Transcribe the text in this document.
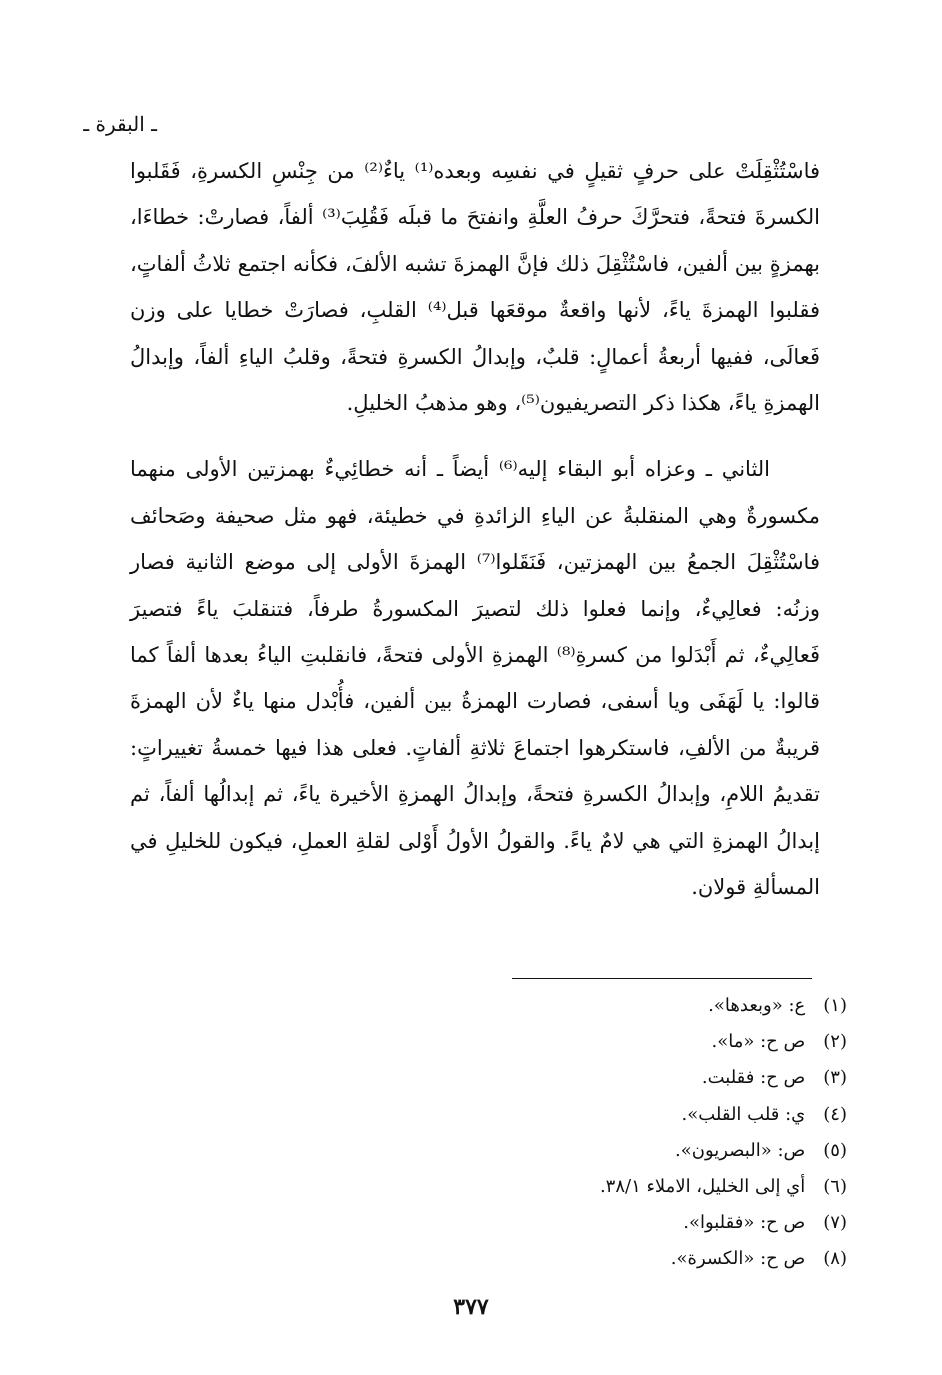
ـ البقرة ـ

فاسْتُثْقِلَتْ على حرفٍ ثقيلٍ في نفسِه وبعده⁽¹⁾ ياءٌ⁽²⁾ من جِنْسِ الكسرةِ، فَقَلبوا الكسرةَ فتحةً، فتحرَّكَ حرفُ العلَّةِ وانفتحَ ما قبلَه فَقُلِبَ⁽³⁾ ألفاً، فصارتْ: خطاءَا، بهمزةٍ بين ألفين، فاسْتُثْقِلَ ذلك فإنَّ الهمزةَ تشبه الألفَ، فكأنه اجتمع ثلاثُ ألفاتٍ، فقلبوا الهمزةَ ياءً، لأنها واقعةٌ موقعَها قبل⁽⁴⁾ القلبِ، فصارَتْ خطايا على وزن فَعالَى، ففيها أربعةُ أعمالٍ: قلبٌ، وإبدالُ الكسرةِ فتحةً، وقلبُ الياءِ ألفاً، وإبدالُ الهمزةِ ياءً، هكذا ذكر التصريفيون⁽⁵⁾، وهو مذهبُ الخليلِ.

الثاني ـ وعزاه أبو البقاء إليه⁽⁶⁾ أيضاً ـ أنه خطائِيءٌ بهمزتين الأولى منهما مكسورةٌ وهي المنقلبةُ عن الياءِ الزائدةِ في خطيئة، فهو مثل صحيفة وصَحائف فاسْتُثْقِلَ الجمعُ بين الهمزتين، فَنَقَلوا⁽⁷⁾ الهمزةَ الأولى إلى موضع الثانية فصار وزنُه: فعالِيءٌ، وإنما فعلوا ذلك لتصيرَ المكسورةُ طرفاً، فتنقلبَ ياءً فتصيرَ فَعالِيءٌ، ثم أَبْدَلوا من كسرةِ⁽⁸⁾ الهمزةِ الأولى فتحةً، فانقلبتِ الياءُ بعدها ألفاً كما قالوا: يا لَهَفَى ويا أسفى، فصارت الهمزةُ بين ألفين، فأُبْدل منها ياءٌ لأن الهمزةَ قريبةٌ من الألفِ، فاستكرهوا اجتماعَ ثلاثةِ ألفاتٍ. فعلى هذا فيها خمسةُ تغييراتٍ: تقديمُ اللامِ، وإبدالُ الكسرةِ فتحةً، وإبدالُ الهمزةِ الأخيرة ياءً، ثم إبدالُها ألفاً، ثم إبدالُ الهمزةِ التي هي لامٌ ياءً. والقولُ الأولُ أَوْلى لقلةِ العملِ، فيكون للخليلِ في المسألةِ قولان.

(١) ع: «وبعدها».
(٢) ص ح: «ما».
(٣) ص ح: فقلبت.
(٤) ي: قلب القلب».
(٥) ص: «البصريون».
(٦) أي إلى الخليل، الاملاء ٣٨/١.
(٧) ص ح: «فقلبوا».
(٨) ص ح: «الكسرة».
٣٧٧
